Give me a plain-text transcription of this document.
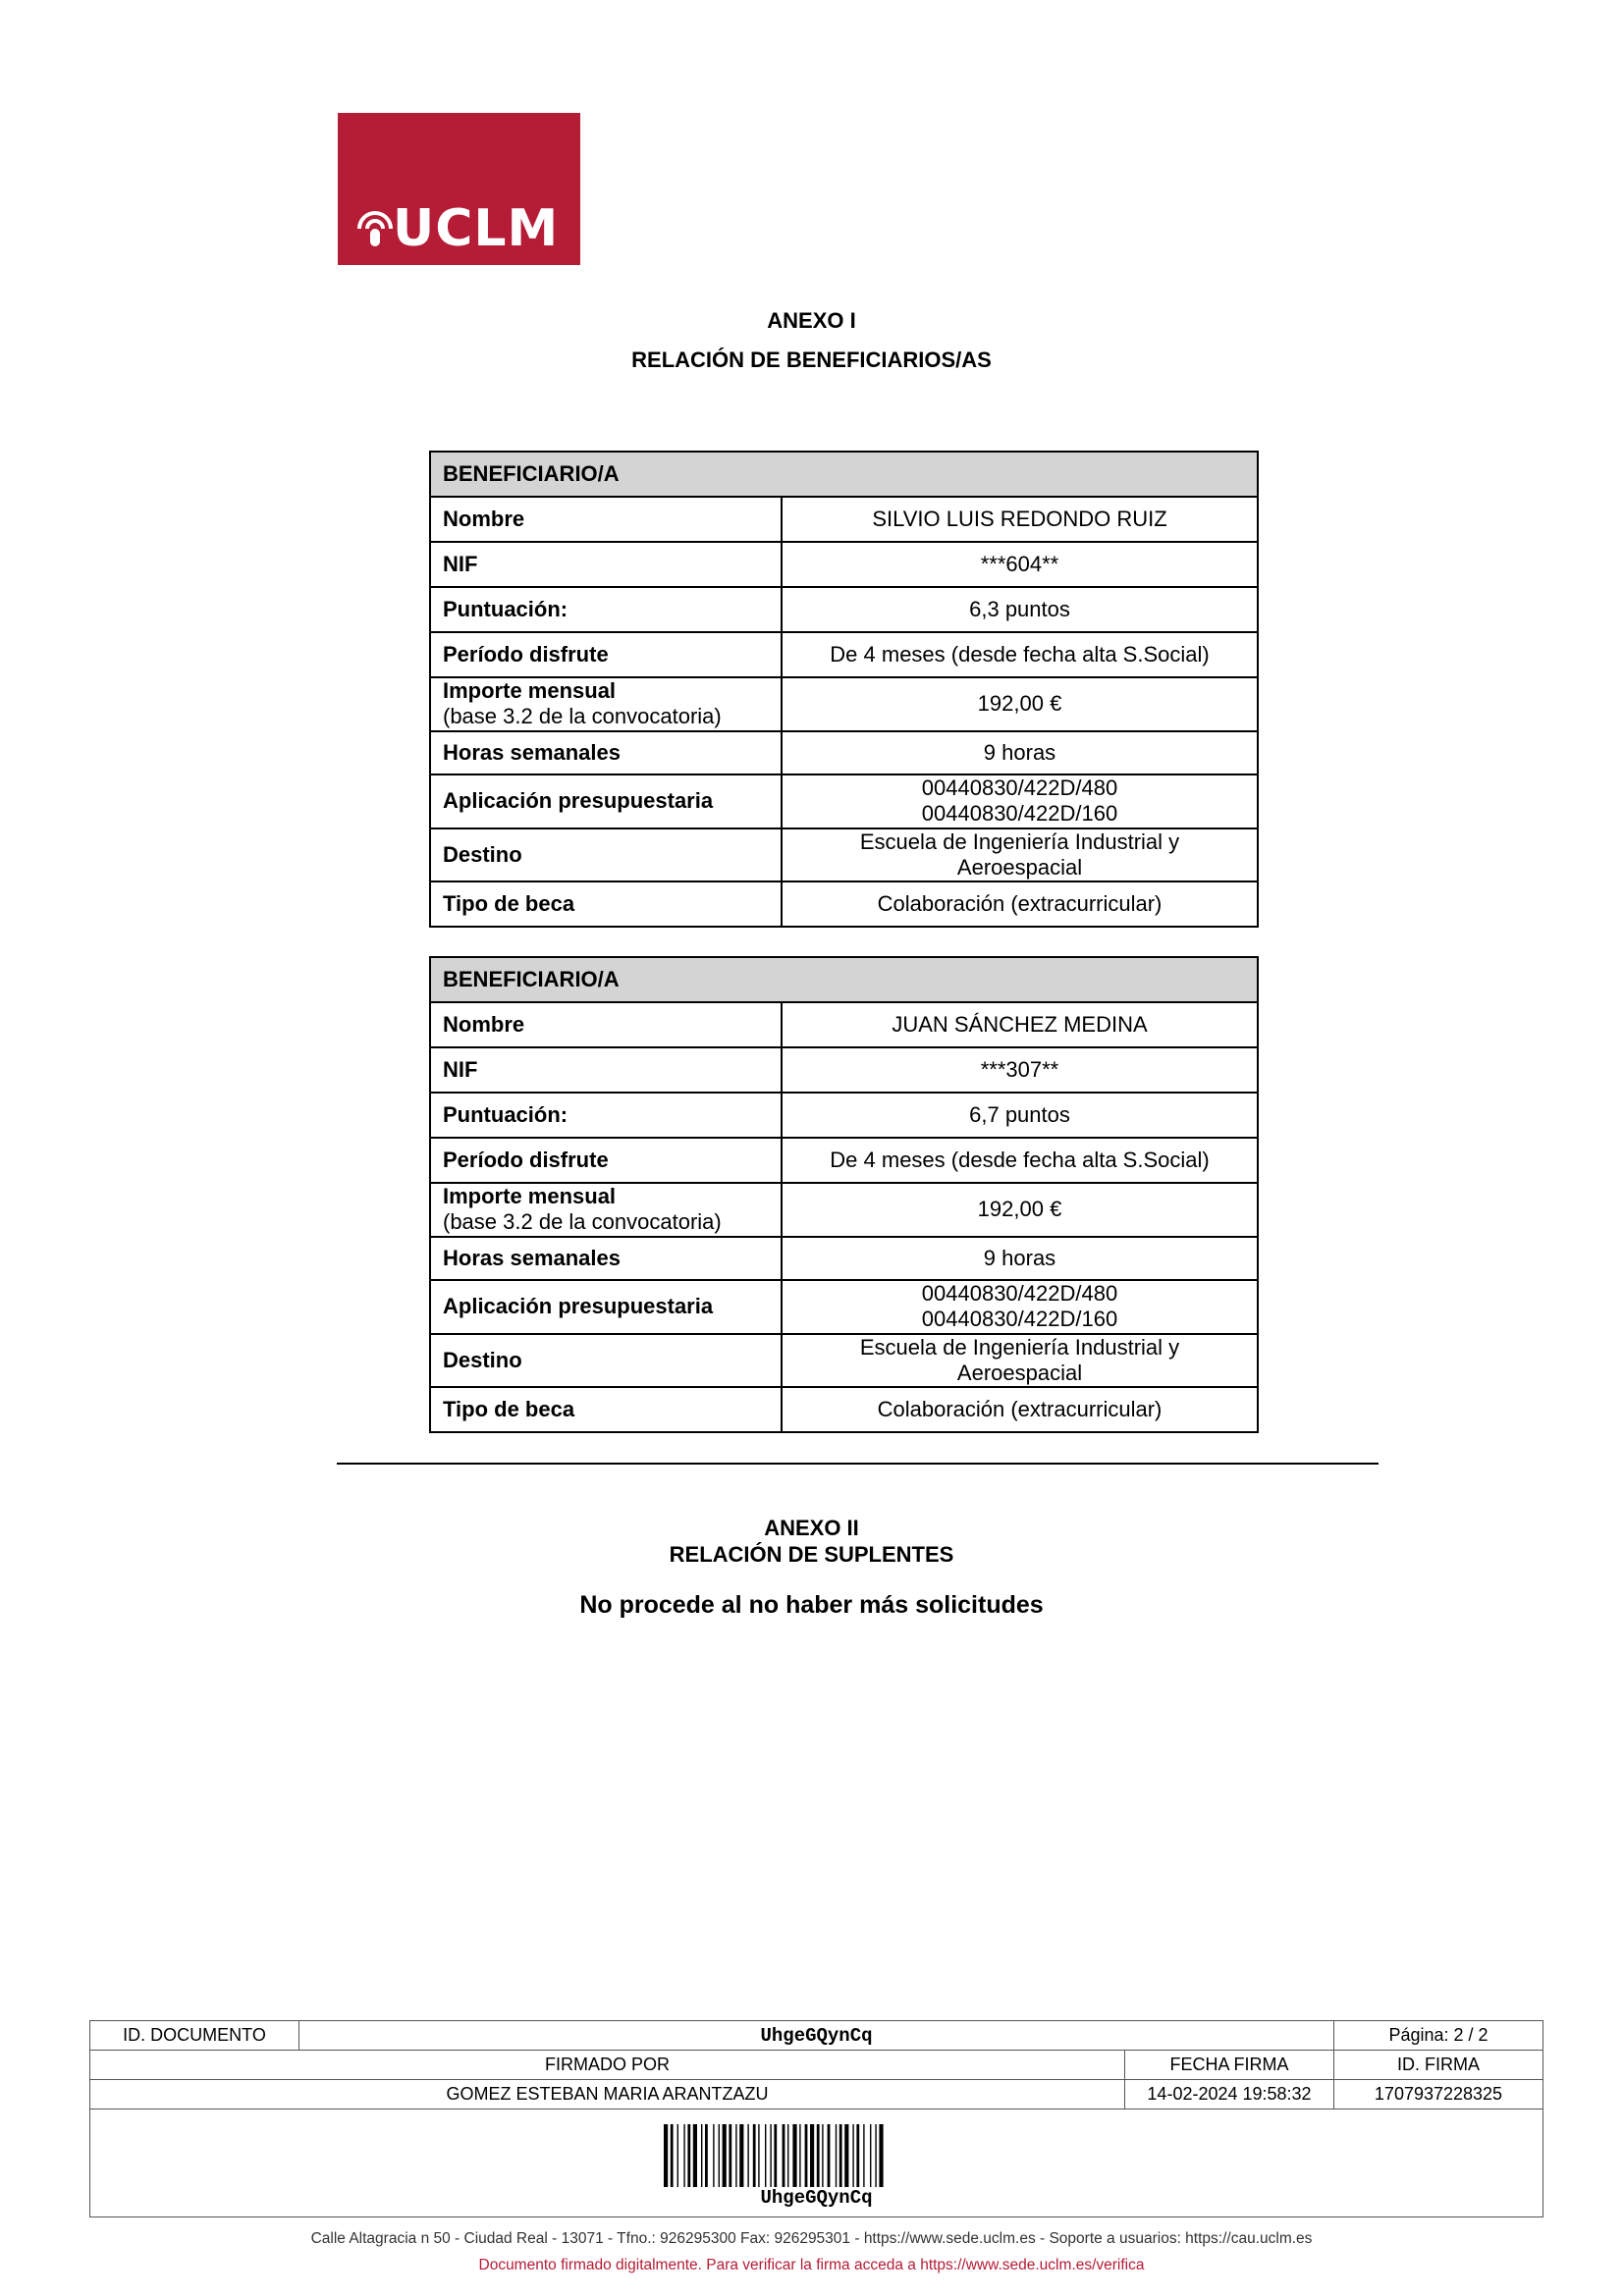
UCLM
ANEXO I
RELACIÓN DE BENEFICIARIOS/AS
BENEFICIARIO/A	
Nombre	SILVIO LUIS REDONDO RUIZ

NIF	***604**

Puntuación:	6,3 puntos

Período disfrute	De 4 meses (desde fecha alta S.Social)

Importe mensual
(base 3.2 de la convocatoria)	192,00 €

Horas semanales	9 horas

Aplicación presupuestaria	00440830/422D/480
00440830/422D/160

Destino	Escuela de Ingeniería Industrial y
Aeroespacial

Tipo de beca	Colaboración (extracurricular)
BENEFICIARIO/A	
Nombre	JUAN SÁNCHEZ MEDINA

NIF	***307**

Puntuación:	6,7 puntos

Período disfrute	De 4 meses (desde fecha alta S.Social)

Importe mensual
(base 3.2 de la convocatoria)	192,00 €

Horas semanales	9 horas

Aplicación presupuestaria	00440830/422D/480
00440830/422D/160

Destino	Escuela de Ingeniería Industrial y
Aeroespacial

Tipo de beca	Colaboración (extracurricular)
ANEXO II
RELACIÓN DE SUPLENTES
No procede al no haber más solicitudes
ID. DOCUMENTO	UhgeGQynCq		Página: 2 / 2
FIRMADO POR		FECHA FIRMA	ID. FIRMA
GOMEZ ESTEBAN MARIA ARANTZAZU		14-02-2024 19:58:32	1707937228325

UhgeGQynCq			
Calle Altagracia n 50 - Ciudad Real - 13071 - Tfno.: 926295300 Fax: 926295301 - https://www.sede.uclm.es - Soporte a usuarios: https://cau.uclm.es
Documento firmado digitalmente. Para verificar la firma acceda a https://www.sede.uclm.es/verifica
